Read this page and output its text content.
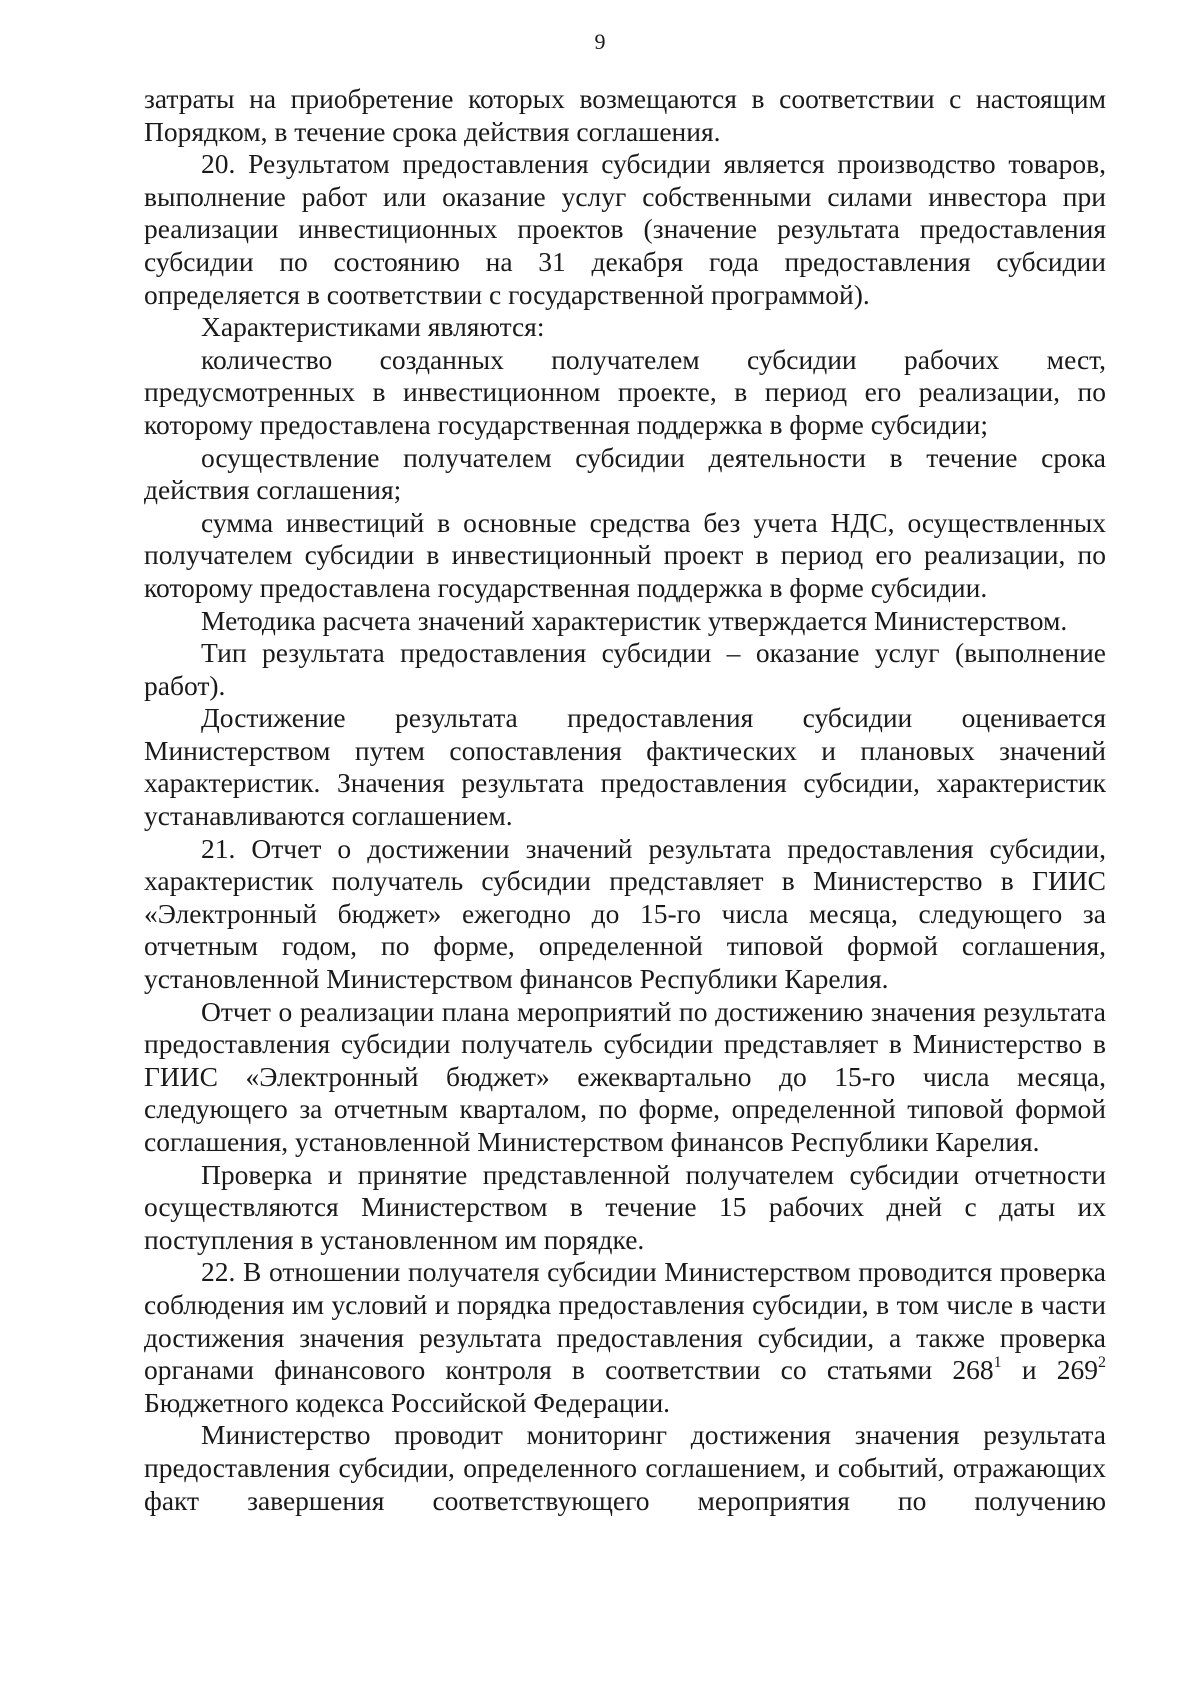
9

затраты на приобретение которых возмещаются в соответствии с настоящим Порядком, в течение срока действия соглашения.

20. Результатом предоставления субсидии является производство товаров, выполнение работ или оказание услуг собственными силами инвестора при реализации инвестиционных проектов (значение результата предоставления субсидии по состоянию на 31 декабря года предоставления субсидии определяется в соответствии с государственной программой).

Характеристиками являются:

количество созданных получателем субсидии рабочих мест, предусмотренных в инвестиционном проекте, в период его реализации, по которому предоставлена государственная поддержка в форме субсидии;

осуществление получателем субсидии деятельности в течение срока действия соглашения;

сумма инвестиций в основные средства без учета НДС, осуществленных получателем субсидии в инвестиционный проект в период его реализации, по которому предоставлена государственная поддержка в форме субсидии.

Методика расчета значений характеристик утверждается Министерством.

Тип результата предоставления субсидии – оказание услуг (выполнение работ).

Достижение результата предоставления субсидии оценивается Министерством путем сопоставления фактических и плановых значений характеристик. Значения результата предоставления субсидии, характеристик устанавливаются соглашением.

21. Отчет о достижении значений результата предоставления субсидии, характеристик получатель субсидии представляет в Министерство в ГИИС «Электронный бюджет» ежегодно до 15-го числа месяца, следующего за отчетным годом, по форме, определенной типовой формой соглашения, установленной Министерством финансов Республики Карелия.

Отчет о реализации плана мероприятий по достижению значения результата предоставления субсидии получатель субсидии представляет в Министерство в ГИИС «Электронный бюджет» ежеквартально до 15-го числа месяца, следующего за отчетным кварталом, по форме, определенной типовой формой соглашения, установленной Министерством финансов Республики Карелия.

Проверка и принятие представленной получателем субсидии отчетности осуществляются Министерством в течение 15 рабочих дней с даты их поступления в установленном им порядке.

22. В отношении получателя субсидии Министерством проводится проверка соблюдения им условий и порядка предоставления субсидии, в том числе в части достижения значения результата предоставления субсидии, а также проверка органами финансового контроля в соответствии со статьями $268^1$ и $269^2$ Бюджетного кодекса Российской Федерации.

Министерство проводит мониторинг достижения значения результата предоставления субсидии, определенного соглашением, и событий, отражающих факт завершения соответствующего мероприятия по получению
